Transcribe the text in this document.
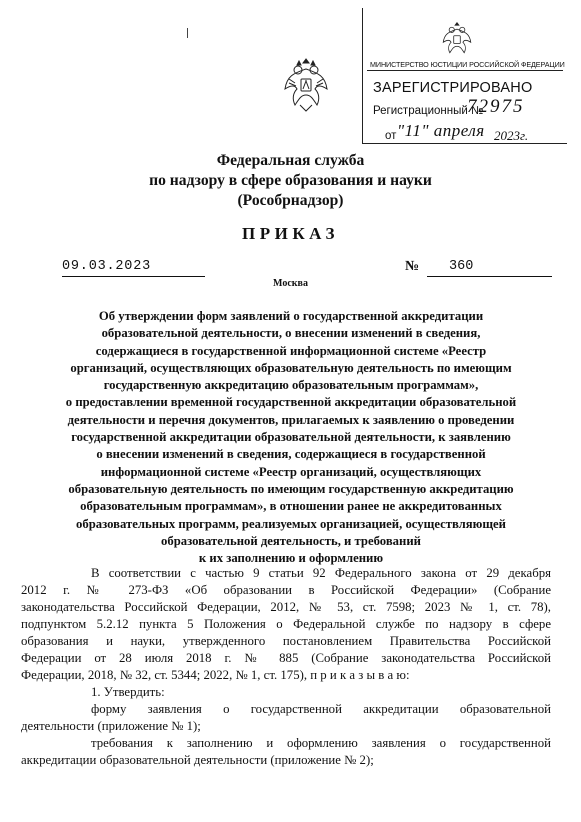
МИНИСТЕРСТВО ЮСТИЦИИ РОССИЙСКОЙ ФЕДЕРАЦИИ
ЗАРЕГИСТРИРОВАНО
Регистрационный №
72975
от "11" апреля 2023г.
Федеральная служба
по надзору в сфере образования и науки
(Рособрнадзор)
ПРИКАЗ
09.03.2023	№	360
Москва
Об утверждении форм заявлений о государственной аккредитации
образовательной деятельности, о внесении изменений в сведения,
содержащиеся в государственной информационной системе «Реестр
организаций, осуществляющих образовательную деятельность по имеющим
государственную аккредитацию образовательным программам»,
о предоставлении временной государственной аккредитации образовательной
деятельности и перечня документов, прилагаемых к заявлению о проведении
государственной аккредитации образовательной деятельности, к заявлению
о внесении изменений в сведения, содержащиеся в государственной
информационной системе «Реестр организаций, осуществляющих
образовательную деятельность по имеющим государственную аккредитацию
образовательным программам», в отношении ранее не аккредитованных
образовательных программ, реализуемых организацией, осуществляющей
образовательной деятельность, и требований
к их заполнению и оформлению
В соответствии с частью 9 статьи 92 Федерального закона от 29 декабря
2012 г. № 273-ФЗ «Об образовании в Российской Федерации» (Собрание
законодательства Российской Федерации, 2012, № 53, ст. 7598; 2023 № 1, ст. 78),
подпунктом 5.2.12 пункта 5 Положения о Федеральной службе по надзору в сфере
образования и науки, утвержденного постановлением Правительства Российской
Федерации от 28 июля 2018 г. № 885 (Собрание законодательства Российской
Федерации, 2018, № 32, ст. 5344; 2022, № 1, ст. 175), п р и к а з ы в а ю:
1. Утвердить:
форму заявления о государственной аккредитации образовательной
деятельности (приложение № 1);
требования к заполнению и оформлению заявления о государственной
аккредитации образовательной деятельности (приложение № 2);
